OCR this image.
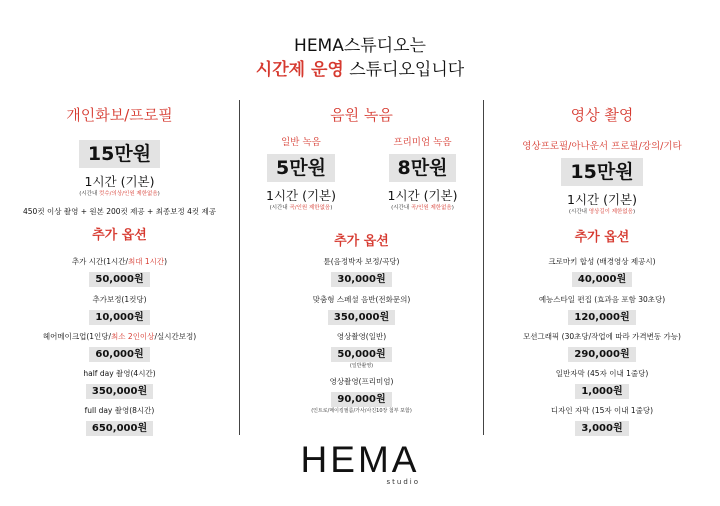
HEMA스튜디오는
시간제 운영 스튜디오입니다
개인화보/프로필
15만원
1시간 (기본)
(시간내 컷수/의상/인원 제한없음)
450컷 이상 촬영 + 원본 200컷 제공 + 최종보정 4컷 제공
추가 옵션
추가 시간(1시간/최대 1시간)
50,000원
추가보정(1컷당)
10,000원
헤어메이크업(1인당/최소 2인이상/실시간보정)
60,000원
half day 촬영(4시간)
350,000원
full day 촬영(8시간)
650,000원
음원 녹음
일반 녹음
5만원
1시간 (기본)
(시간내 곡/인원 제한없음)
프리미엄 녹음
8만원
1시간 (기본)
(시간내 곡/인원 제한없음)
추가 옵션
튠(음정박자 보정/곡당)
30,000원
맞춤형 스페셜 음반(전화문의)
350,000원
영상촬영(일반)
50,000원
(일반촬영)
영상촬영(프리미엄)
90,000원
(인트로/메이킹필름/가사/사진10장 첨부 포함)
영상 촬영
영상프로필/아나운서 프로필/강의/기타
15만원
1시간 (기본)
(시간내 영상길이 제한없음)
추가 옵션
크로마키 합성 (배경영상 제공시)
40,000원
예능스타일 편집 (효과음 포함 30초당)
120,000원
모션그래픽 (30초당/작업에 따라 가격변동 가능)
290,000원
일반자막 (45자 이내 1줄당)
1,000원
디자인 자막 (15자 이내 1줄당)
3,000원
HEMA
studio
